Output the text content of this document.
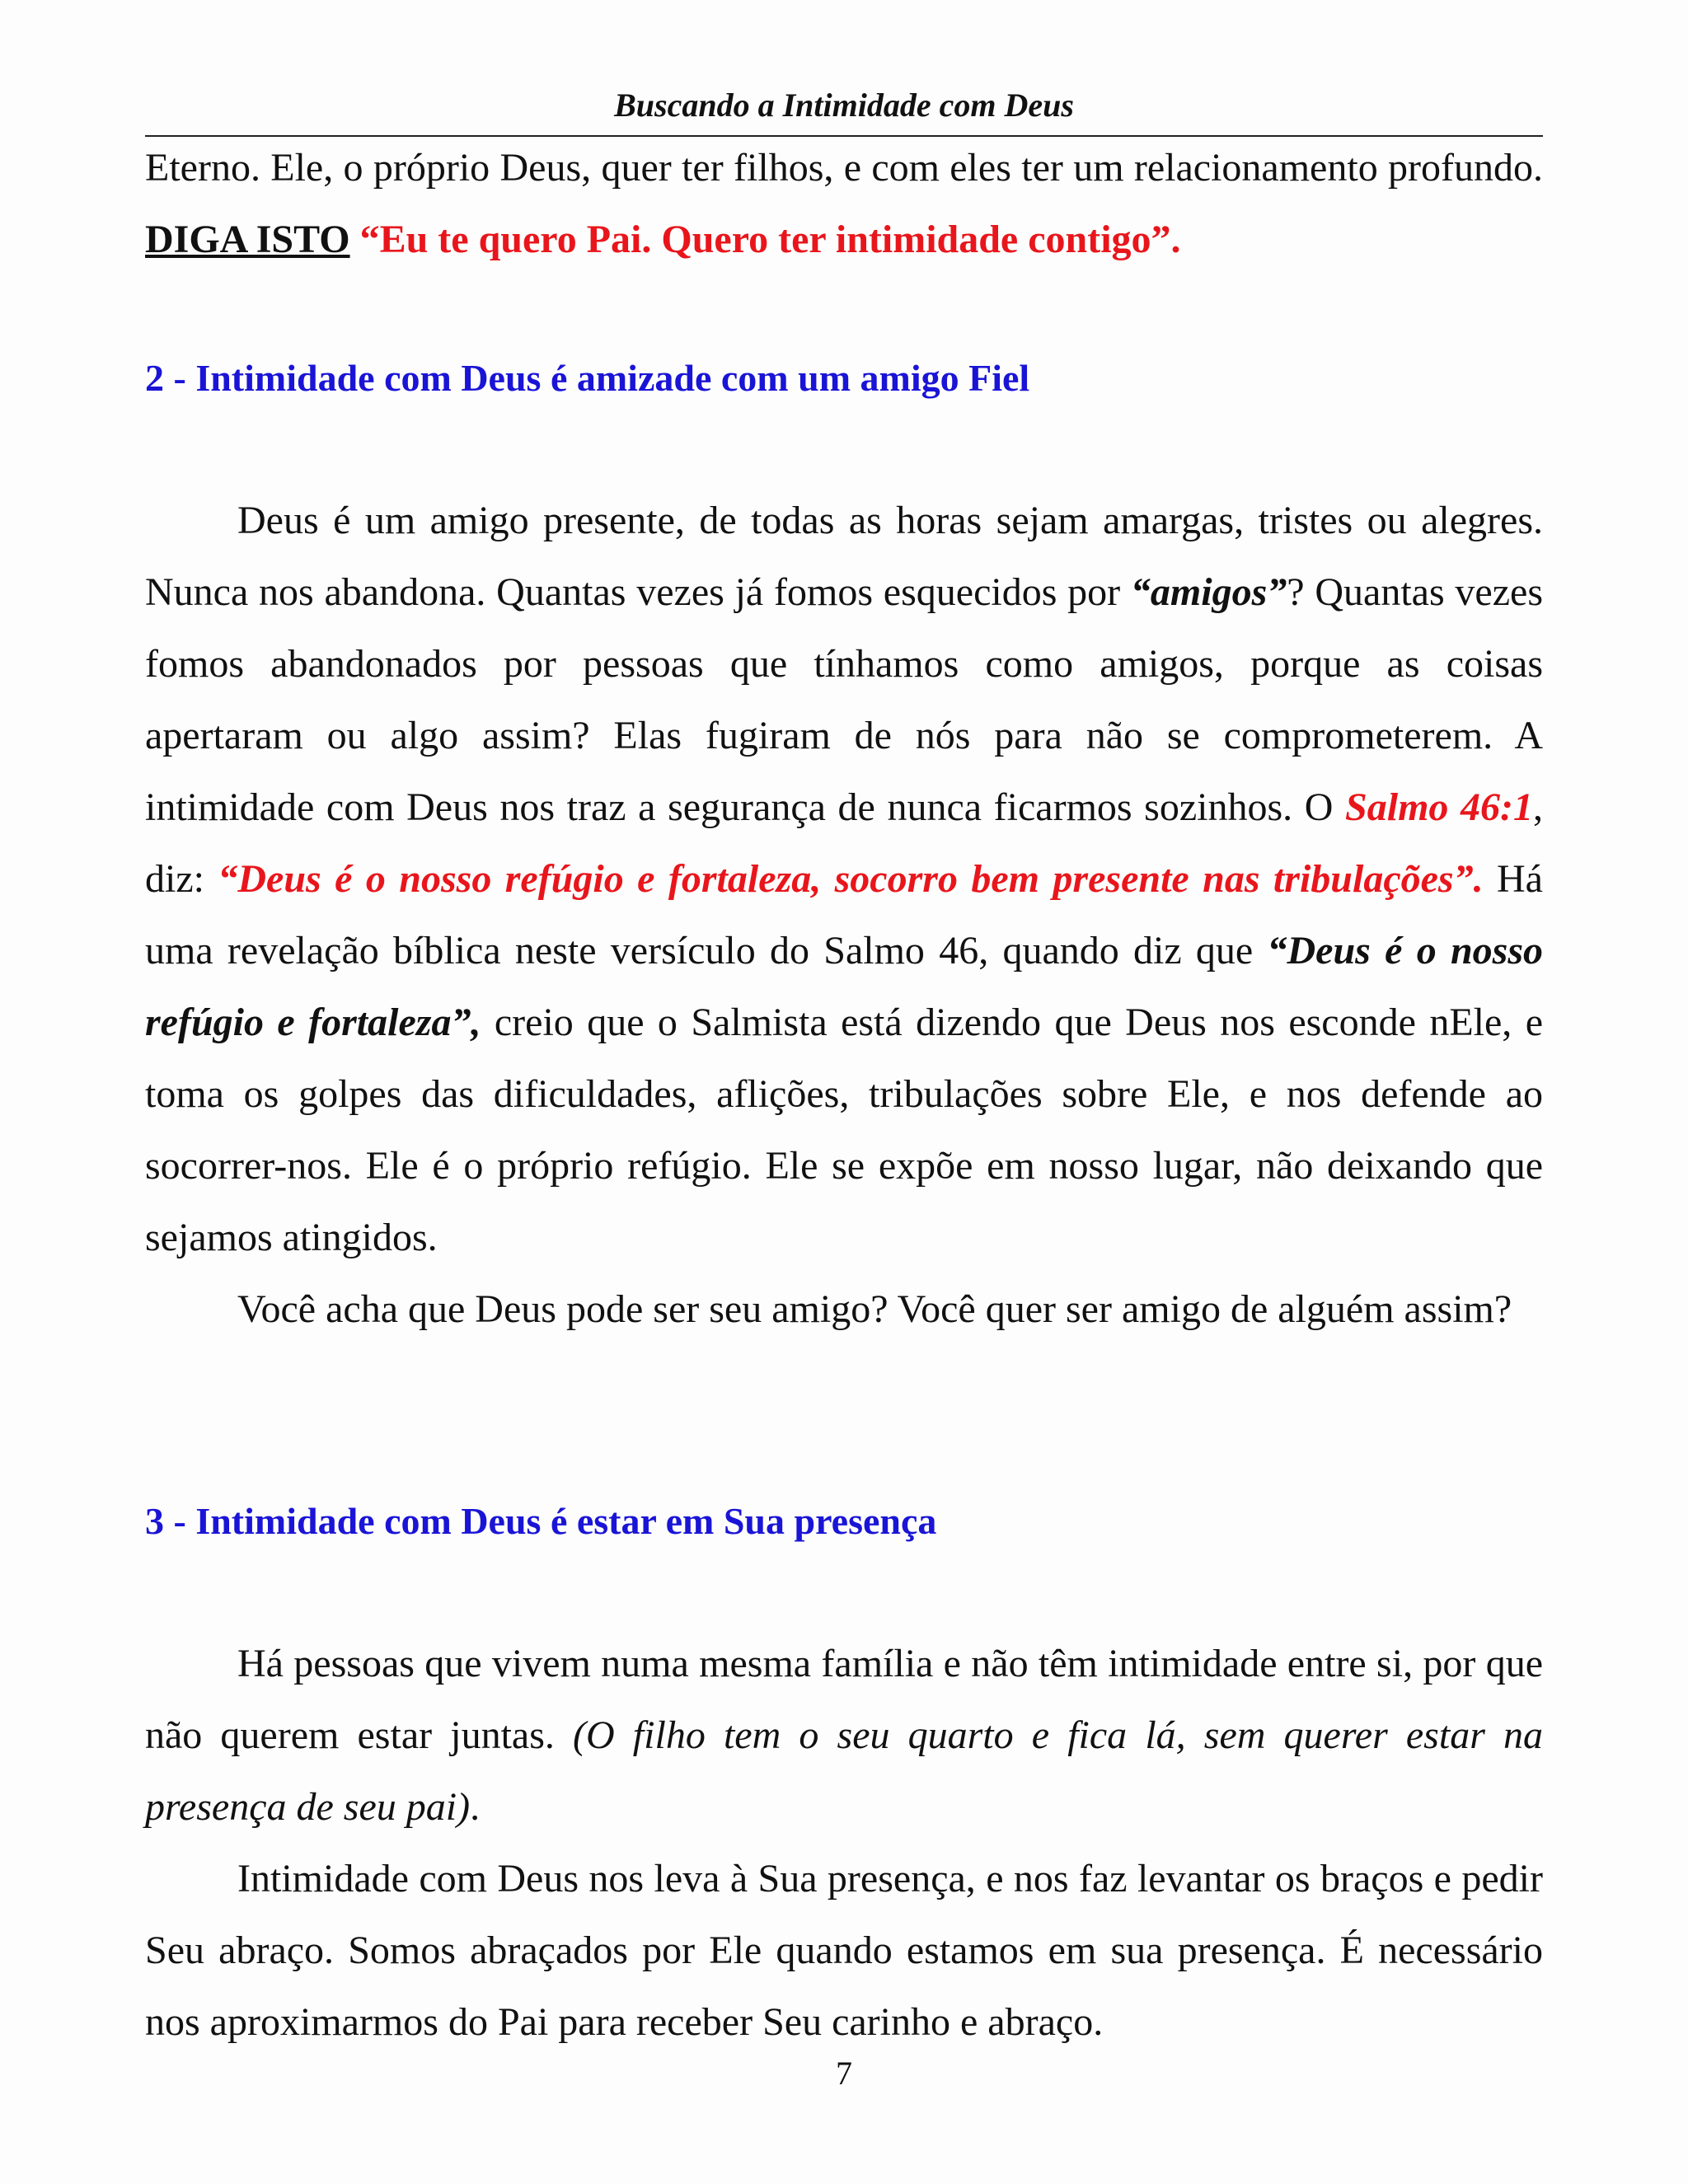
Buscando a Intimidade com Deus

Eterno. Ele, o próprio Deus, quer ter filhos, e com eles ter um relacionamento profundo. DIGA ISTO “Eu te quero Pai. Quero ter intimidade contigo”.

2 - Intimidade com Deus é amizade com um amigo Fiel

Deus é um amigo presente, de todas as horas sejam amargas, tristes ou alegres. Nunca nos abandona. Quantas vezes já fomos esquecidos por “amigos”? Quantas vezes fomos abandonados por pessoas que tínhamos como amigos, porque as coisas apertaram ou algo assim? Elas fugiram de nós para não se comprometerem. A intimidade com Deus nos traz a segurança de nunca ficarmos sozinhos. O Salmo 46:1, diz: “Deus é o nosso refúgio e fortaleza, socorro bem presente nas tribulações”. Há uma revelação bíblica neste versículo do Salmo 46, quando diz que “Deus é o nosso refúgio e fortaleza”, creio que o Salmista está dizendo que Deus nos esconde nEle, e toma os golpes das dificuldades, aflições, tribulações sobre Ele, e nos defende ao socorrer-nos. Ele é o próprio refúgio. Ele se expõe em nosso lugar, não deixando que sejamos atingidos.

Você acha que Deus pode ser seu amigo? Você quer ser amigo de alguém assim?

3 - Intimidade com Deus é estar em Sua presença

Há pessoas que vivem numa mesma família e não têm intimidade entre si, por que não querem estar juntas. (O filho tem o seu quarto e fica lá, sem querer estar na presença de seu pai).

Intimidade com Deus nos leva à Sua presença, e nos faz levantar os braços e pedir Seu abraço. Somos abraçados por Ele quando estamos em sua presença. É necessário nos aproximarmos do Pai para receber Seu carinho e abraço.

7
